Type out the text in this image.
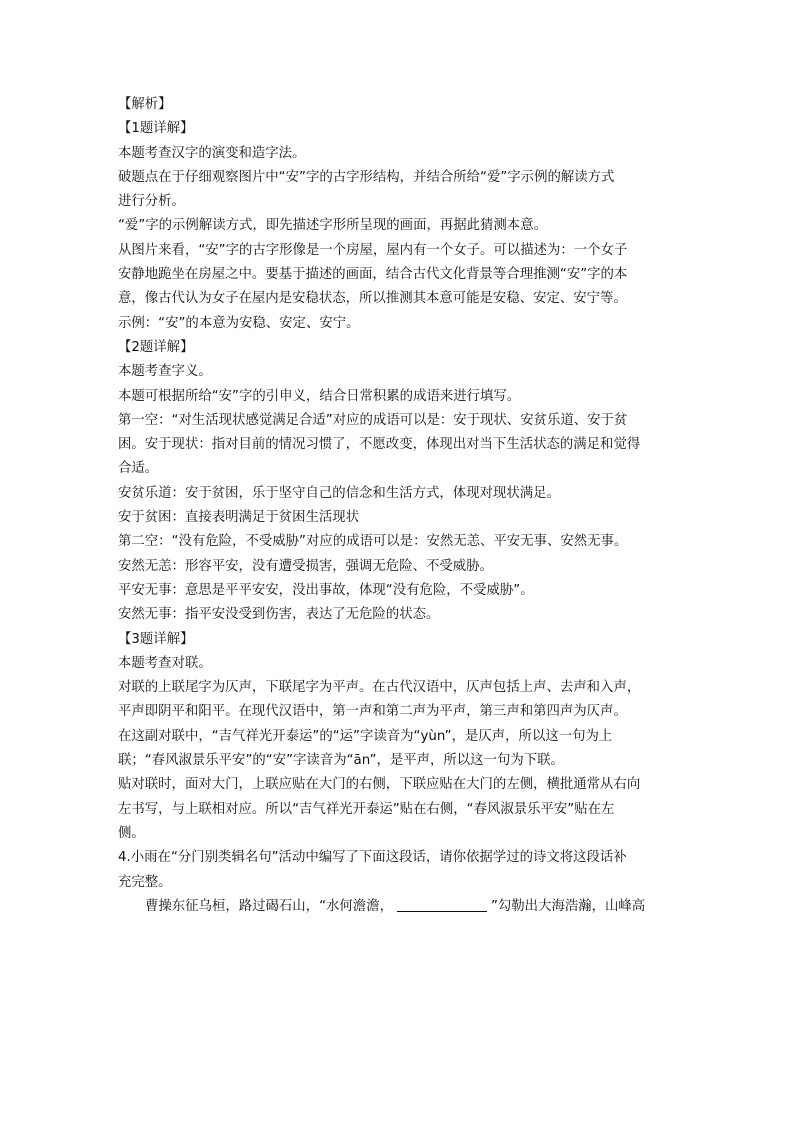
【解析】
【1题详解】
本题考查汉字的演变和造字法。
破题点在于仔细观察图片中“安”字的古字形结构，并结合所给“爱”字示例的解读方式
进行分析。
“爱”字的示例解读方式，即先描述字形所呈现的画面，再据此猜测本意。
从图片来看，“安”字的古字形像是一个房屋，屋内有一个女子。可以描述为：一个女子
安静地跪坐在房屋之中。要基于描述的画面，结合古代文化背景等合理推测“安”字的本
意，像古代认为女子在屋内是安稳状态，所以推测其本意可能是安稳、安定、安宁等。
示例：“安”的本意为安稳、安定、安宁。
【2题详解】
本题考查字义。
本题可根据所给“安”字的引申义，结合日常积累的成语来进行填写。
第一空：“对生活现状感觉满足合适”对应的成语可以是：安于现状、安贫乐道、安于贫
困。安于现状：指对目前的情况习惯了，不愿改变，体现出对当下生活状态的满足和觉得
合适。
安贫乐道：安于贫困，乐于坚守自己的信念和生活方式，体现对现状满足。
安于贫困：直接表明满足于贫困生活现状
第二空：“没有危险，不受威胁”对应的成语可以是：安然无恙、平安无事、安然无事。
安然无恙：形容平安，没有遭受损害，强调无危险、不受威胁。
平安无事：意思是平平安安，没出事故，体现“没有危险，不受威胁”。
安然无事：指平安没受到伤害，表达了无危险的状态。
【3题详解】
本题考查对联。
对联的上联尾字为仄声，下联尾字为平声。在古代汉语中，仄声包括上声、去声和入声，
平声即阴平和阳平。在现代汉语中，第一声和第二声为平声，第三声和第四声为仄声。
在这副对联中，“吉气祥光开泰运”的“运”字读音为“yùn”，是仄声，所以这一句为上
联；“春风淑景乐平安”的“安”字读音为“ān”，是平声，所以这一句为下联。
贴对联时，面对大门，上联应贴在大门的右侧，下联应贴在大门的左侧，横批通常从右向
左书写，与上联相对应。所以“吉气祥光开泰运”贴在右侧，“春风淑景乐平安”贴在左
侧。
4.小雨在“分门别类辑名句”活动中编写了下面这段话，请你依据学过的诗文将这段话补
充完整。
曹操东征乌桓，路过碣石山，“水何澹澹，	”勾勒出大海浩瀚，山峰高
